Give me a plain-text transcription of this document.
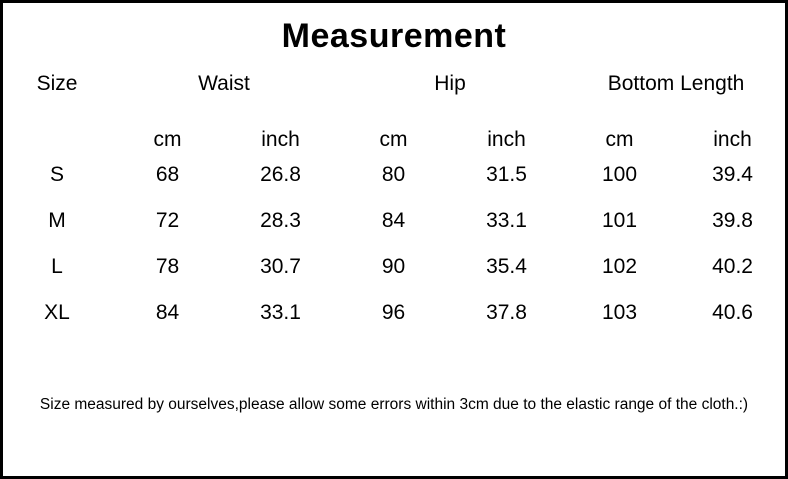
Measurement
Size	Waist		Hip		Bottom Length	
	cm	inch	cm	inch	cm	inch
S	68	26.8	80	31.5	100	39.4
M	72	28.3	84	33.1	101	39.8
L	78	30.7	90	35.4	102	40.2
XL	84	33.1	96	37.8	103	40.6
Size measured by ourselves,please allow some errors within 3cm due to the elastic range of the cloth.:)
